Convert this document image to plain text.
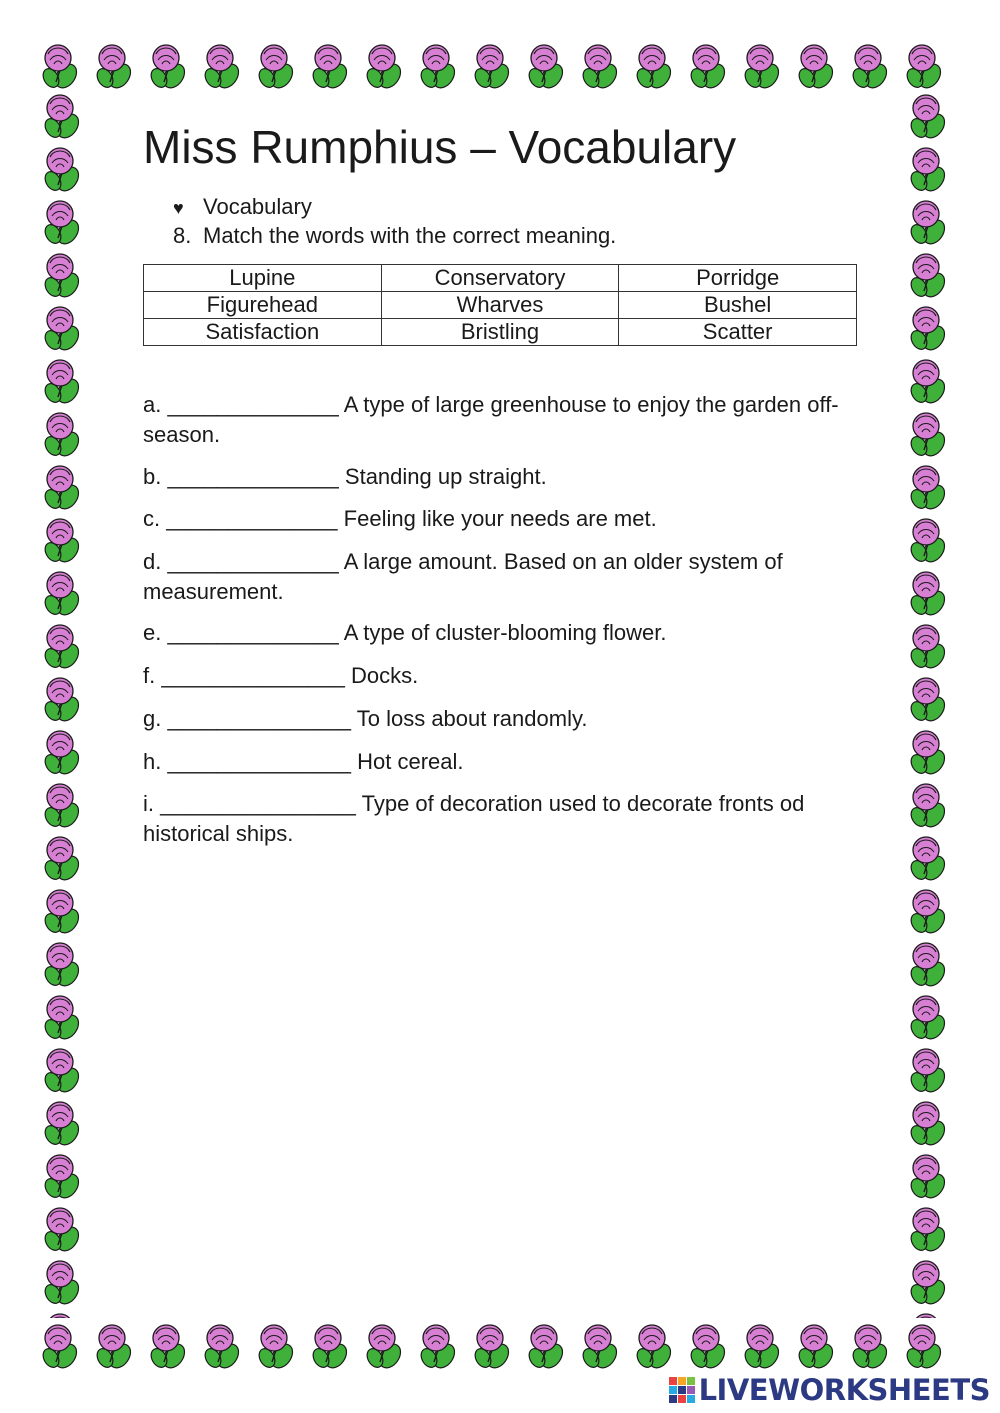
Miss Rumphius – Vocabulary
♥ Vocabulary
8. Match the words with the correct meaning.
Lupine	Conservatory	Porridge
Figurehead	Wharves	Bushel
Satisfaction	Bristling	Scatter
a. ______________ A type of large greenhouse to enjoy the garden off-season.
b. ______________ Standing up straight.
c. ______________ Feeling like your needs are met.
d. ______________ A large amount. Based on an older system of measurement.
e. ______________ A type of cluster-blooming flower.
f. _______________ Docks.
g. _______________ To loss about randomly.
h. _______________ Hot cereal.
i. ________________ Type of decoration used to decorate fronts od historical ships.
LIVEWORKSHEETS
